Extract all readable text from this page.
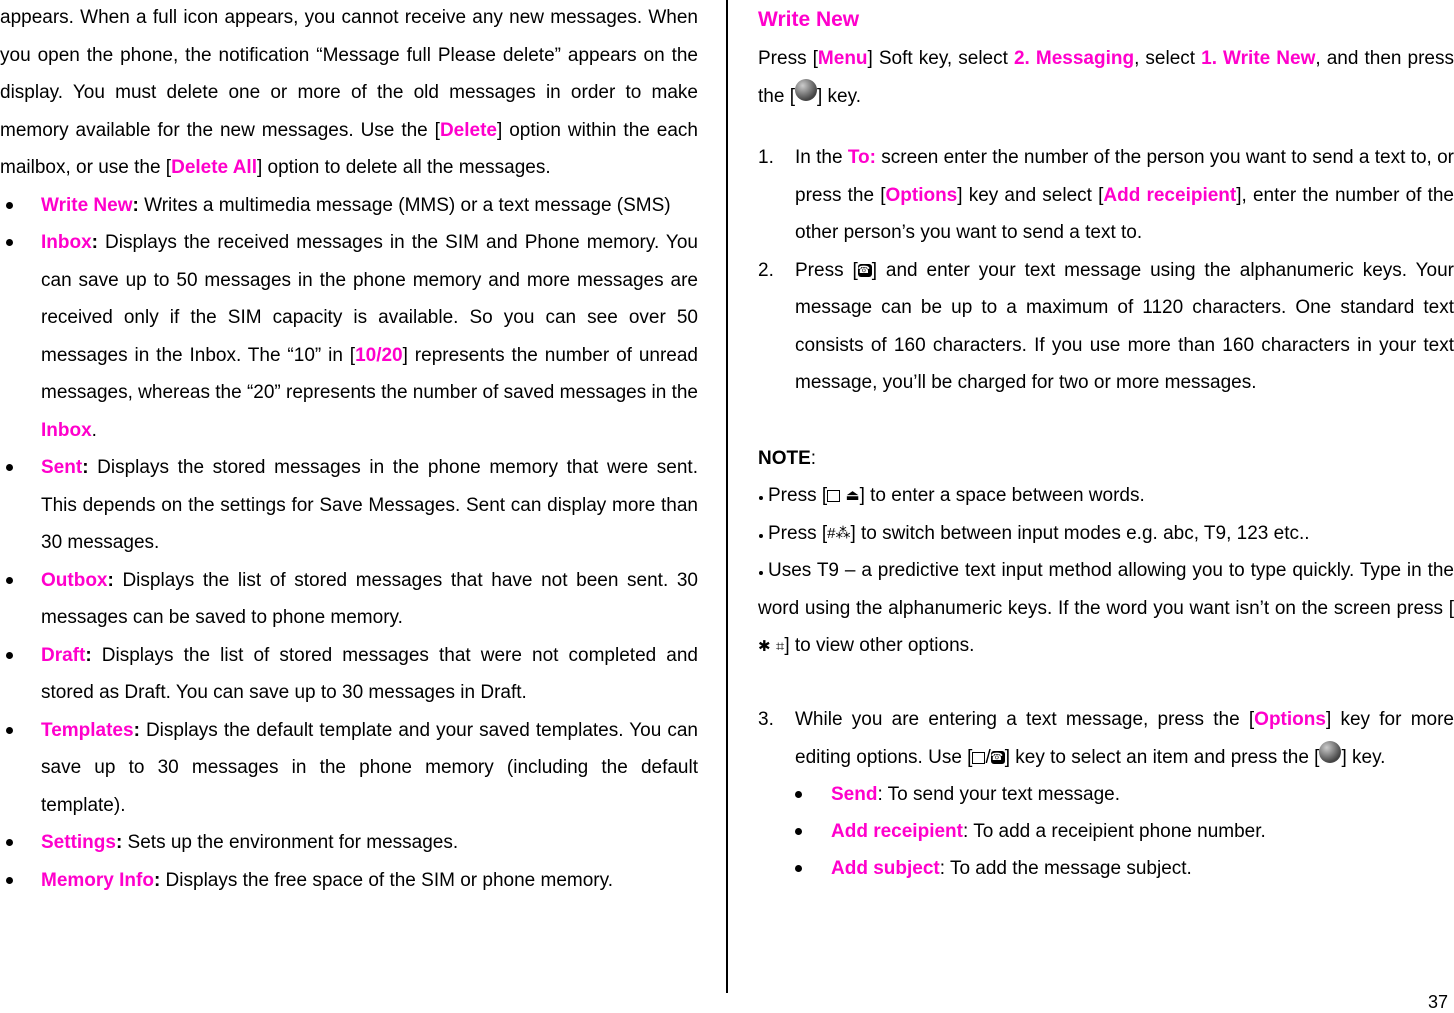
appears. When a full icon appears, you cannot receive any new messages. When you open the phone, the notification “Message full Please delete” appears on the display. You must delete one or more of the old messages in order to make memory available for the new messages. Use the [Delete] option within the each mailbox, or use the [Delete All] option to delete all the messages.

Write New: Writes a multimedia message (MMS) or a text message (SMS)
Inbox: Displays the received messages in the SIM and Phone memory. You can save up to 50 messages in the phone memory and more messages are received only if the SIM capacity is available. So you can see over 50 messages in the Inbox. The “10” in [10/20] represents the number of unread messages, whereas the “20” represents the number of saved messages in the Inbox.
Sent: Displays the stored messages in the phone memory that were sent. This depends on the settings for Save Messages. Sent can display more than 30 messages.
Outbox: Displays the list of stored messages that have not been sent. 30 messages can be saved to phone memory.
Draft: Displays the list of stored messages that were not completed and stored as Draft. You can save up to 30 messages in Draft.
Templates: Displays the default template and your saved templates. You can save up to 30 messages in the phone memory (including the default template).
Settings: Sets up the environment for messages.
Memory Info: Displays the free space of the SIM or phone memory.
Write New

Press [Menu] Soft key, select 2. Messaging, select 1. Write New, and then press the [ ] key.

1. In the To: screen enter the number of the person you want to send a text to, or press the [Options] key and select [Add receipient], enter the number of the other person’s you want to send a text to.
2. Press [☎] and enter your text message using the alphanumeric keys. Your message can be up to a maximum of 1120 characters. One standard text consists of 160 characters. If you use more than 160 characters in your text message, you’ll be charged for two or more messages.

NOTE:

Press [ ⏏] to enter a space between words.
Press [#⁂] to switch between input modes e.g. abc, T9, 123 etc..
Uses T9 – a predictive text input method allowing you to type quickly. Type in the word using the alphanumeric keys. If the word you want isn’t on the screen press [✱ ⌗] to view other options.
3. While you are entering a text message, press the [Options] key for more editing options. Use [ /☎] key to select an item and press the [ ] key.
Send: To send your text message.
Add receipient: To add a receipient phone number.
Add subject: To add the message subject.
37
